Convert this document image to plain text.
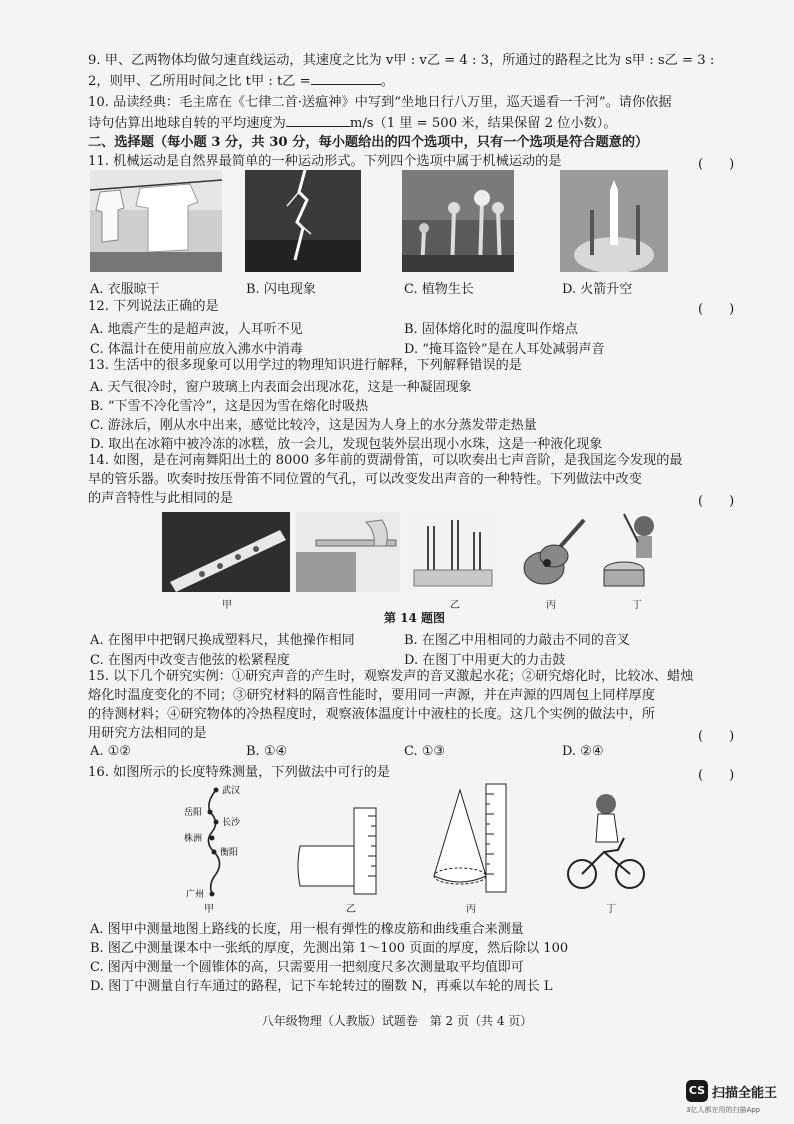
9. 甲、乙两物体均做匀速直线运动，其速度之比为 v甲 : v乙 = 4 : 3，所通过的路程之比为 s甲 : s乙 = 3 :
2，则甲、乙所用时间之比 t甲 : t乙 =	。
10. 品读经典：毛主席在《七律二首·送瘟神》中写到“坐地日行八万里，巡天遥看一千河”。请你依据
诗句估算出地球自转的平均速度为	m/s（1 里 = 500 米，结果保留 2 位小数）。
二、选择题（每小题 3 分，共 30 分，每小题给出的四个选项中，只有一个选项是符合题意的）
11. 机械运动是自然界最简单的一种运动形式。下列四个选项中属于机械运动的是	(　　)
A. 衣服晾干	B. 闪电现象	C. 植物生长	D. 火箭升空
12. 下列说法正确的是	(　　)
A. 地震产生的是超声波，人耳听不见	B. 固体熔化时的温度叫作熔点
C. 体温计在使用前应放入沸水中消毒	D. “掩耳盗铃”是在人耳处减弱声音
13. 生活中的很多现象可以用学过的物理知识进行解释，下列解释错误的是
A. 天气很冷时，窗户玻璃上内表面会出现冰花，这是一种凝固现象
B. “下雪不冷化雪冷”，这是因为雪在熔化时吸热
C. 游泳后，刚从水中出来，感觉比较冷，这是因为人身上的水分蒸发带走热量
D. 取出在冰箱中被冷冻的冰糕，放一会儿，发现包装外层出现小水珠，这是一种液化现象
14. 如图，是在河南舞阳出土的 8000 多年前的贾湖骨笛，可以吹奏出七声音阶，是我国迄今发现的最
早的管乐器。吹奏时按压骨笛不同位置的气孔，可以改变发出声音的一种特性。下列做法中改变
的声音特性与此相同的是	(　　)
甲	乙	丙	丁
第 14 题图
A. 在图甲中把钢尺换成塑料尺，其他操作相同	B. 在图乙中用相同的力敲击不同的音叉
C. 在图丙中改变吉他弦的松紧程度	D. 在图丁中用更大的力击鼓
15. 以下几个研究实例：①研究声音的产生时，观察发声的音叉激起水花；②研究熔化时，比较冰、蜡烛
熔化时温度变化的不同；③研究材料的隔音性能时，要用同一声源，并在声源的四周包上同样厚度
的待测材料；④研究物体的冷热程度时，观察液体温度计中液柱的长度。这几个实例的做法中，所
用研究方法相同的是	(　　)
A. ①②	B. ①④	C. ①③	D. ②④
16. 如图所示的长度特殊测量，下列做法中可行的是	(　　)
武汉
岳阳
长沙
株洲
衡阳
广州
甲	乙	丙	丁
A. 图甲中测量地图上路线的长度，用一根有弹性的橡皮筋和曲线重合来测量
B. 图乙中测量课本中一张纸的厚度，先测出第 1～100 页面的厚度，然后除以 100
C. 图丙中测量一个圆锥体的高，只需要用一把刻度尺多次测量取平均值即可
D. 图丁中测量自行车通过的路程，记下车轮转过的圈数 N，再乘以车轮的周长 L
八年级物理（人教版）试题卷　第 2 页（共 4 页）
CS 扫描全能王
3亿人都在用的扫描App
